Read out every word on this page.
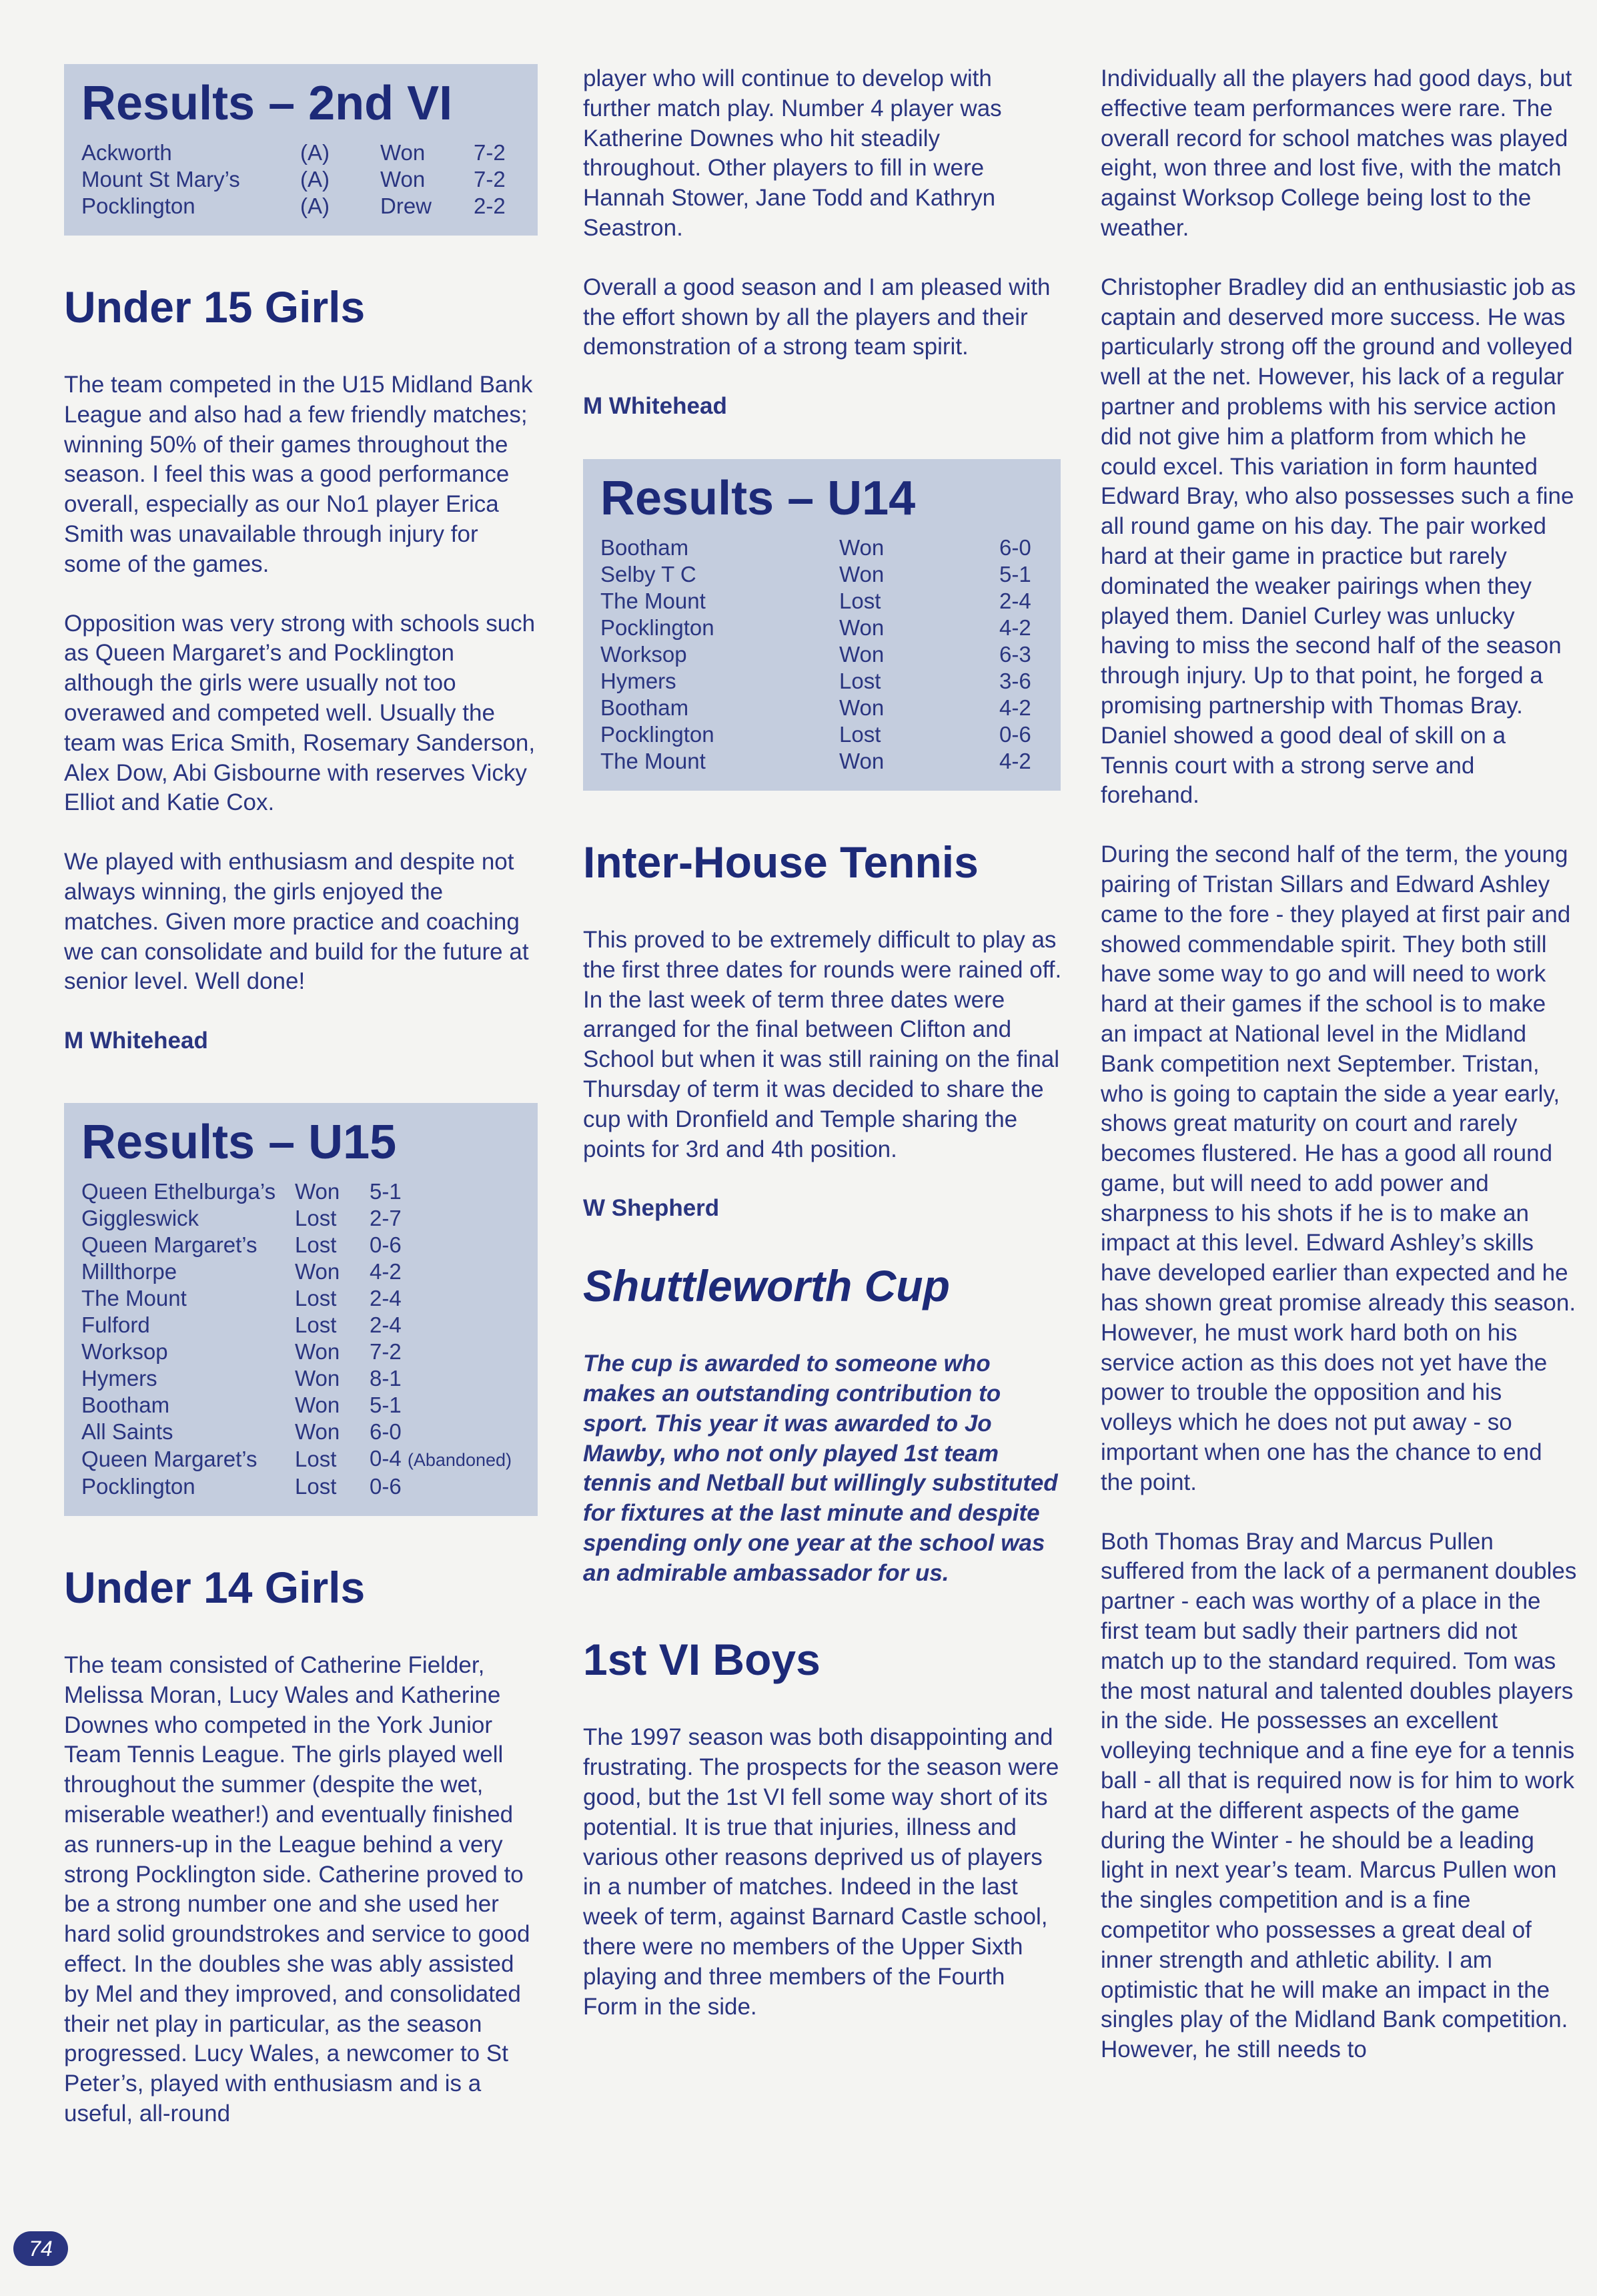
Results – 2nd VI
Ackworth	(A)	Won	7-2
Mount St Mary’s	(A)	Won	7-2
Pocklington	(A)	Drew	2-2
Under 15 Girls

The team competed in the U15 Midland Bank League and also had a few friendly matches; winning 50% of their games throughout the season. I feel this was a good performance overall, especially as our No1 player Erica Smith was unavailable through injury for some of the games.

Opposition was very strong with schools such as Queen Margaret’s and Pocklington although the girls were usually not too overawed and competed well. Usually the team was Erica Smith, Rosemary Sanderson, Alex Dow, Abi Gisbourne with reserves Vicky Elliot and Katie Cox.

We played with enthusiasm and despite not always winning, the girls enjoyed the matches. Given more practice and coaching we can consolidate and build for the future at senior level. Well done!

M Whitehead

Results – U15
Queen Ethelburga’s	Won	5-1
Giggleswick	Lost	2-7
Queen Margaret’s	Lost	0-6
Millthorpe	Won	4-2
The Mount	Lost	2-4
Fulford	Lost	2-4
Worksop	Won	7-2
Hymers	Won	8-1
Bootham	Won	5-1
All Saints	Won	6-0
Queen Margaret’s	Lost	0-4 (Abandoned)
Pocklington	Lost	0-6
Under 14 Girls

The team consisted of Catherine Fielder, Melissa Moran, Lucy Wales and Katherine Downes who competed in the York Junior Team Tennis League. The girls played well throughout the summer (despite the wet, miserable weather!) and eventually finished as runners-up in the League behind a very strong Pocklington side. Catherine proved to be a strong number one and she used her hard solid groundstrokes and service to good effect. In the doubles she was ably assisted by Mel and they improved, and consolidated their net play in particular, as the season progressed. Lucy Wales, a newcomer to St Peter’s, played with enthusiasm and is a useful, all-round

player who will continue to develop with further match play. Number 4 player was Katherine Downes who hit steadily throughout. Other players to fill in were Hannah Stower, Jane Todd and Kathryn Seastron.

Overall a good season and I am pleased with the effort shown by all the players and their demonstration of a strong team spirit.

M Whitehead

Results – U14
Bootham	Won	6-0
Selby T C	Won	5-1
The Mount	Lost	2-4
Pocklington	Won	4-2
Worksop	Won	6-3
Hymers	Lost	3-6
Bootham	Won	4-2
Pocklington	Lost	0-6
The Mount	Won	4-2
Inter-House Tennis

This proved to be extremely difficult to play as the first three dates for rounds were rained off. In the last week of term three dates were arranged for the final between Clifton and School but when it was still raining on the final Thursday of term it was decided to share the cup with Dronfield and Temple sharing the points for 3rd and 4th position.

W Shepherd

Shuttleworth Cup

The cup is awarded to someone who makes an outstanding contribution to sport. This year it was awarded to Jo Mawby, who not only played 1st team tennis and Netball but willingly substituted for fixtures at the last minute and despite spending only one year at the school was an admirable ambassador for us.

1st VI Boys

The 1997 season was both disappointing and frustrating. The prospects for the season were good, but the 1st VI fell some way short of its potential. It is true that injuries, illness and various other reasons deprived us of players in a number of matches. Indeed in the last week of term, against Barnard Castle school, there were no members of the Upper Sixth playing and three members of the Fourth Form in the side.

Individually all the players had good days, but effective team performances were rare. The overall record for school matches was played eight, won three and lost five, with the match against Worksop College being lost to the weather.

Christopher Bradley did an enthusiastic job as captain and deserved more success. He was particularly strong off the ground and volleyed well at the net. However, his lack of a regular partner and problems with his service action did not give him a platform from which he could excel. This variation in form haunted Edward Bray, who also possesses such a fine all round game on his day. The pair worked hard at their game in practice but rarely dominated the weaker pairings when they played them. Daniel Curley was unlucky having to miss the second half of the season through injury. Up to that point, he forged a promising partnership with Thomas Bray. Daniel showed a good deal of skill on a Tennis court with a strong serve and forehand.

During the second half of the term, the young pairing of Tristan Sillars and Edward Ashley came to the fore - they played at first pair and showed commendable spirit. They both still have some way to go and will need to work hard at their games if the school is to make an impact at National level in the Midland Bank competition next September. Tristan, who is going to captain the side a year early, shows great maturity on court and rarely becomes flustered. He has a good all round game, but will need to add power and sharpness to his shots if he is to make an impact at this level. Edward Ashley’s skills have developed earlier than expected and he has shown great promise already this season. However, he must work hard both on his service action as this does not yet have the power to trouble the opposition and his volleys which he does not put away - so important when one has the chance to end the point.

Both Thomas Bray and Marcus Pullen suffered from the lack of a permanent doubles partner - each was worthy of a place in the first team but sadly their partners did not match up to the standard required. Tom was the most natural and talented doubles players in the side. He possesses an excellent volleying technique and a fine eye for a tennis ball - all that is required now is for him to work hard at the different aspects of the game during the Winter - he should be a leading light in next year’s team. Marcus Pullen won the singles competition and is a fine competitor who possesses a great deal of inner strength and athletic ability. I am optimistic that he will make an impact in the singles play of the Midland Bank competition. However, he still needs to

74
